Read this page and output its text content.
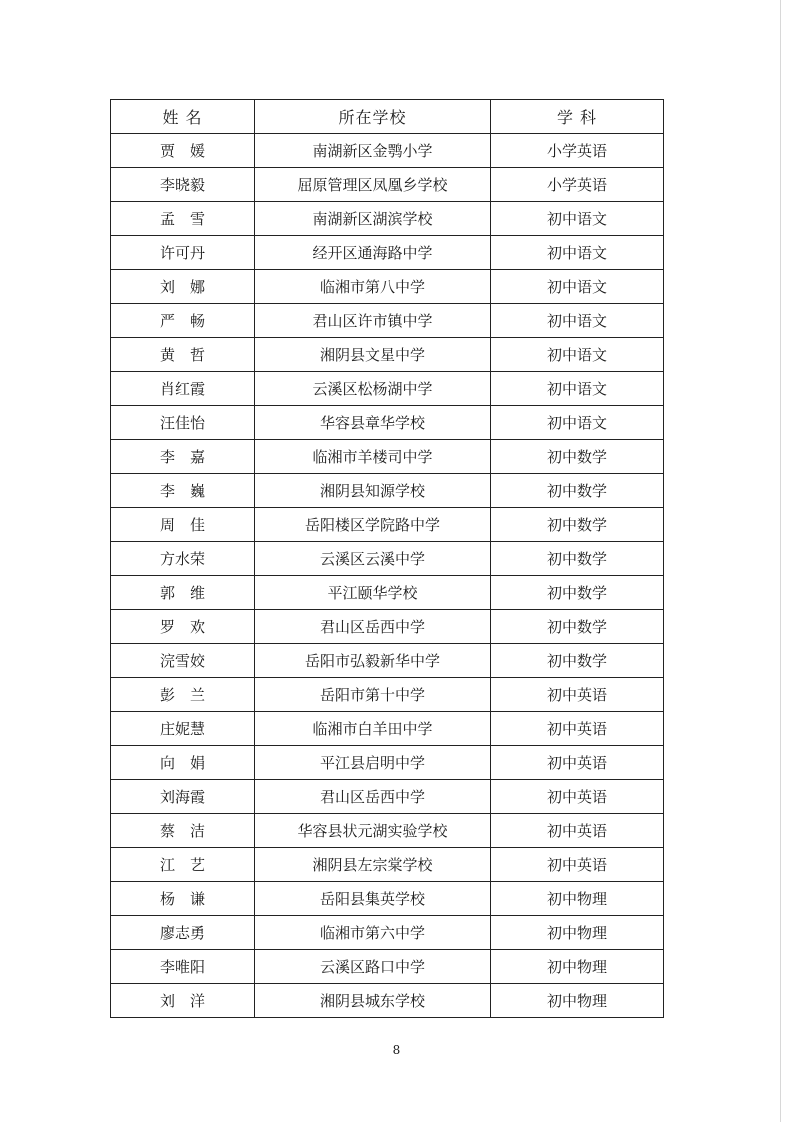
姓 名	所在学校	学 科
贾　媛	南湖新区金鹗小学	小学英语
李晓毅	屈原管理区凤凰乡学校	小学英语
孟　雪	南湖新区湖滨学校	初中语文
许可丹	经开区通海路中学	初中语文
刘　娜	临湘市第八中学	初中语文
严　畅	君山区许市镇中学	初中语文
黄　哲	湘阴县文星中学	初中语文
肖红霞	云溪区松杨湖中学	初中语文
汪佳怡	华容县章华学校	初中语文
李　嘉	临湘市羊楼司中学	初中数学
李　巍	湘阴县知源学校	初中数学
周　佳	岳阳楼区学院路中学	初中数学
方水荣	云溪区云溪中学	初中数学
郭　维	平江颐华学校	初中数学
罗　欢	君山区岳西中学	初中数学
浣雪姣	岳阳市弘毅新华中学	初中数学
彭　兰	岳阳市第十中学	初中英语
庄妮慧	临湘市白羊田中学	初中英语
向　娟	平江县启明中学	初中英语
刘海霞	君山区岳西中学	初中英语
蔡　洁	华容县状元湖实验学校	初中英语
江　艺	湘阴县左宗棠学校	初中英语
杨　谦	岳阳县集英学校	初中物理
廖志勇	临湘市第六中学	初中物理
李唯阳	云溪区路口中学	初中物理
刘　洋	湘阴县城东学校	初中物理
8
